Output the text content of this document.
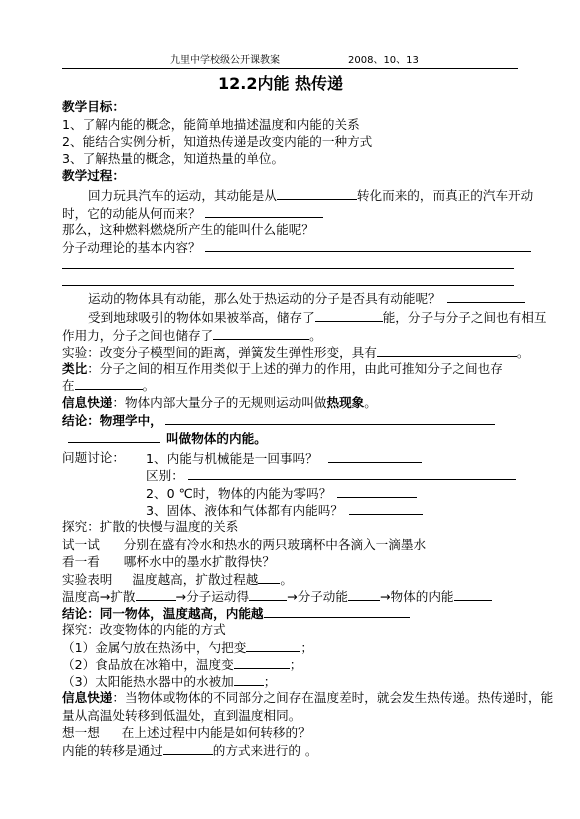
九里中学校级公开课教案	2008、10、13
12.2内能 热传递
教学目标：
1、了解内能的概念，能简单地描述温度和内能的关系
2、能结合实例分析，知道热传递是改变内能的一种方式
3、了解热量的概念，知道热量的单位。
教学过程：
回力玩具汽车的运动，其动能是从	转化而来的，而真正的汽车开动
时，它的动能从何而来？
那么，这种燃料燃烧所产生的能叫什么能呢？
分子动理论的基本内容？
运动的物体具有动能，那么处于热运动的分子是否具有动能呢？
受到地球吸引的物体如果被举高，储存了	能，分子与分子之间也有相互
作用力，分子之间也储存了	。
实验：改变分子模型间的距离，弹簧发生弹性形变，具有	。
类比：分子之间的相互作用类似于上述的弹力的作用，由此可推知分子之间也存
在	。
信息快递：物体内部大量分子的无规则运动叫做热现象。
结论：物理学中，
叫做物体的内能。
问题讨论： 1、内能与机械能是一回事吗？
区别：
2、0 ℃时，物体的内能为零吗？
3、固体、液体和气体都有内能吗？
探究：扩散的快慢与温度的关系
试一试 分别在盛有冷水和热水的两只玻璃杯中各滴入一滴墨水
看一看 哪杯水中的墨水扩散得快？
实验表明 温度越高，扩散过程越 。
温度高→扩散	→分子运动得	→分子动能	→物体的内能
结论：同一物体，温度越高，内能越
探究：改变物体的内能的方式
（1）金属勺放在热汤中，勺把变	；
（2）食品放在冰箱中，温度变	；
（3）太阳能热水器中的水被加 ；
信息快递：当物体或物体的不同部分之间存在温度差时，就会发生热传递。热传递时，能
量从高温处转移到低温处，直到温度相同。
想一想 在上述过程中内能是如何转移的？
内能的转移是通过	的方式来进行的 。
